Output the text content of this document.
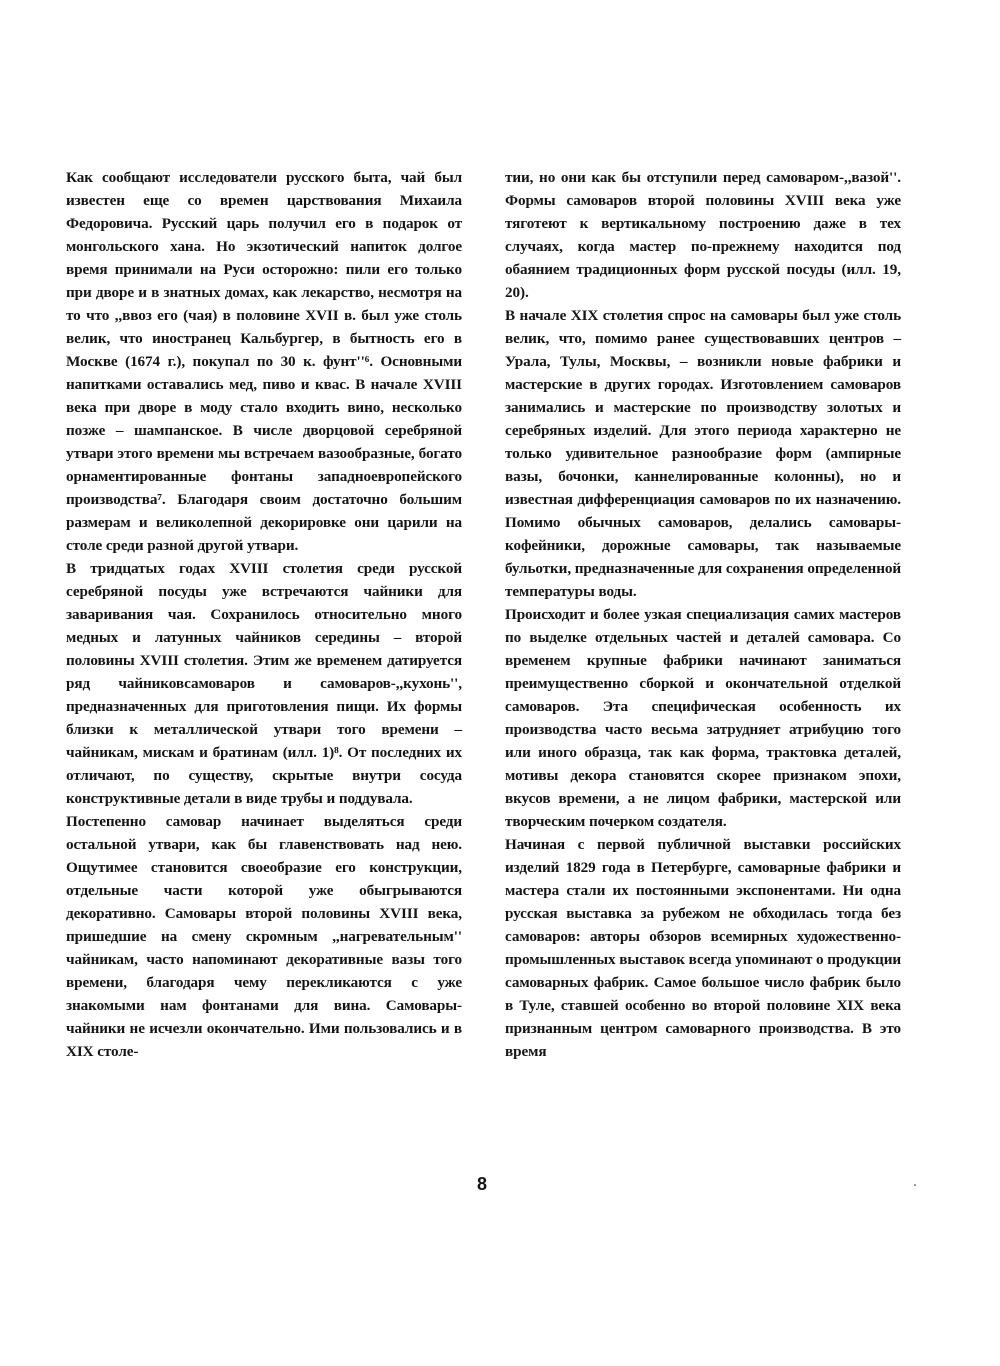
Как сообщают исследователи русского быта, чай был известен еще со времен царствования Михаила Федоровича. Русский царь получил его в подарок от монгольского хана. Но экзотический напиток долгое время принимали на Руси осторожно: пили его только при дворе и в знатных домах, как лекарство, несмотря на то что ,,ввоз его (чая) в половине XVII в. был уже столь велик, что иностранец Кальбургер, в бытность его в Москве (1674 г.), покупал по 30 к. фунт''⁶. Основными напитками оставались мед, пиво и квас. В начале XVIII века при дворе в моду стало входить вино, несколько позже – шампанское. В числе дворцовой серебряной утвари этого времени мы встречаем вазообразные, богато орнаментированные фонтаны западноевропейского производства⁷. Благодаря своим достаточно большим размерам и великолепной декорировке они царили на столе среди разной другой утвари.

В тридцатых годах XVIII столетия среди русской серебряной посуды уже встречаются чайники для заваривания чая. Сохранилось относительно много медных и латунных чайников середины – второй половины XVIII столетия. Этим же временем датируется ряд чайниковсамоваров и самоваров-,,кухонь'', предназначенных для приготовления пищи. Их формы близки к металлической утвари того времени – чайникам, мискам и братинам (илл. 1)⁸. От последних их отличают, по существу, скрытые внутри сосуда конструктивные детали в виде трубы и поддувала.

Постепенно самовар начинает выделяться среди остальной утвари, как бы главенствовать над нею. Ощутимее становится своеобразие его конструкции, отдельные части которой уже обыгрываются декоративно. Самовары второй половины XVIII века, пришедшие на смену скромным ,,нагревательным'' чайникам, часто напоминают декоративные вазы того времени, благодаря чему перекликаются с уже знакомыми нам фонтанами для вина. Самовары-чайники не исчезли окончательно. Ими пользовались и в XIX столе-

тии, но они как бы отступили перед самоваром-,,вазой''. Формы самоваров второй половины XVIII века уже тяготеют к вертикальному построению даже в тех случаях, когда мастер по-прежнему находится под обаянием традиционных форм русской посуды (илл. 19, 20).

В начале XIX столетия спрос на самовары был уже столь велик, что, помимо ранее существовавших центров – Урала, Тулы, Москвы, – возникли новые фабрики и мастерские в других городах. Изготовлением самоваров занимались и мастерские по производству золотых и серебряных изделий. Для этого периода характерно не только удивительное разнообразие форм (ампирные вазы, бочонки, каннелированные колонны), но и известная дифференциация самоваров по их назначению. Помимо обычных самоваров, делались самовары-кофейники, дорожные самовары, так называемые бульотки, предназначенные для сохранения определенной температуры воды.

Происходит и более узкая специализация самих мастеров по выделке отдельных частей и деталей самовара. Со временем крупные фабрики начинают заниматься преимущественно сборкой и окончательной отделкой самоваров. Эта специфическая особенность их производства часто весьма затрудняет атрибуцию того или иного образца, так как форма, трактовка деталей, мотивы декора становятся скорее признаком эпохи, вкусов времени, а не лицом фабрики, мастерской или творческим почерком создателя.

Начиная с первой публичной выставки российских изделий 1829 года в Петербурге, самоварные фабрики и мастера стали их постоянными экспонентами. Ни одна русская выставка за рубежом не обходилась тогда без самоваров: авторы обзоров всемирных художественно-промышленных выставок всегда упоминают о продукции самоварных фабрик. Самое большое число фабрик было в Туле, ставшей особенно во второй половине XIX века признанным центром самоварного производства. В это время

8
